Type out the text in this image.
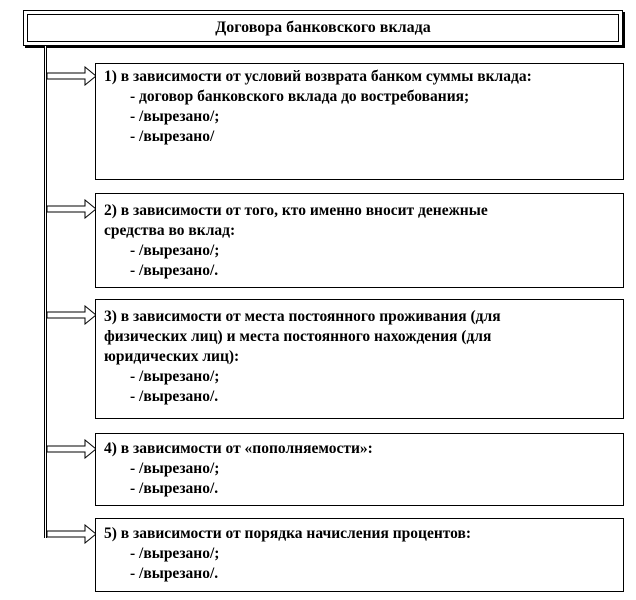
Договора банковского вклада
1) в зависимости от условий возврата банком суммы вклада:
- договор банковского вклада до востребования;
- /вырезано/;
- /вырезано/
2) в зависимости от того, кто именно вносит денежные
средства во вклад:
- /вырезано/;
- /вырезано/.
3) в зависимости от места постоянного проживания (для
физических лиц) и места постоянного нахождения (для
юридических лиц):
- /вырезано/;
- /вырезано/.
4) в зависимости от «пополняемости»:
- /вырезано/;
- /вырезано/.
5) в зависимости от порядка начисления процентов:
- /вырезано/;
- /вырезано/.
